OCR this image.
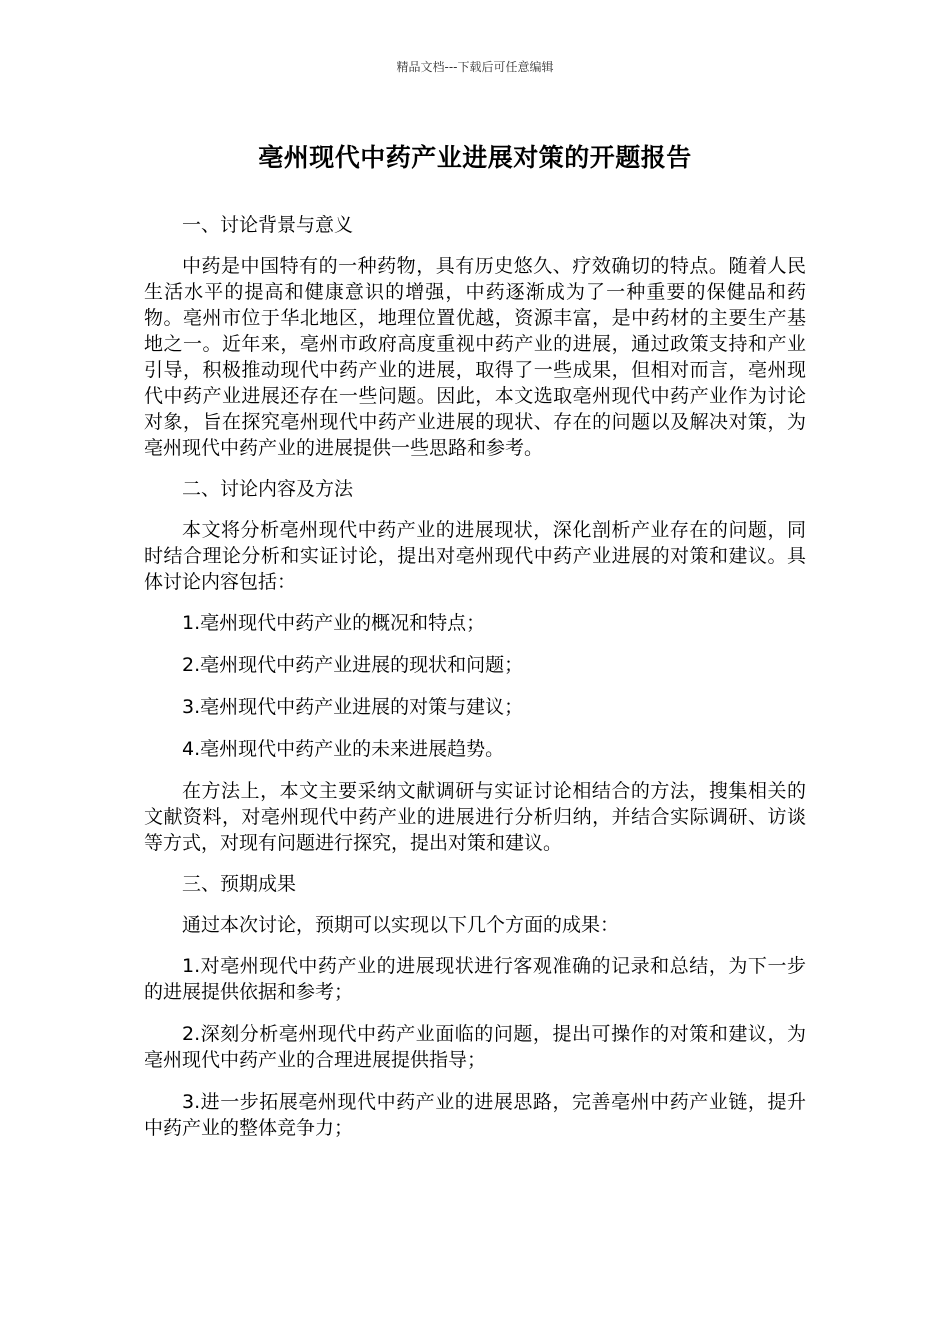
精品文档---下载后可任意编辑
亳州现代中药产业进展对策的开题报告

一、讨论背景与意义

中药是中国特有的一种药物，具有历史悠久、疗效确切的特点。随着人民生活水平的提高和健康意识的增强，中药逐渐成为了一种重要的保健品和药物。亳州市位于华北地区，地理位置优越，资源丰富，是中药材的主要生产基地之一。近年来，亳州市政府高度重视中药产业的进展，通过政策支持和产业引导，积极推动现代中药产业的进展，取得了一些成果，但相对而言，亳州现代中药产业进展还存在一些问题。因此，本文选取亳州现代中药产业作为讨论对象，旨在探究亳州现代中药产业进展的现状、存在的问题以及解决对策，为亳州现代中药产业的进展提供一些思路和参考。

二、讨论内容及方法

本文将分析亳州现代中药产业的进展现状，深化剖析产业存在的问题，同时结合理论分析和实证讨论，提出对亳州现代中药产业进展的对策和建议。具体讨论内容包括：

1.亳州现代中药产业的概况和特点；

2.亳州现代中药产业进展的现状和问题；

3.亳州现代中药产业进展的对策与建议；

4.亳州现代中药产业的未来进展趋势。

在方法上，本文主要采纳文献调研与实证讨论相结合的方法，搜集相关的文献资料，对亳州现代中药产业的进展进行分析归纳，并结合实际调研、访谈等方式，对现有问题进行探究，提出对策和建议。

三、预期成果

通过本次讨论，预期可以实现以下几个方面的成果：

1.对亳州现代中药产业的进展现状进行客观准确的记录和总结，为下一步的进展提供依据和参考；

2.深刻分析亳州现代中药产业面临的问题，提出可操作的对策和建议，为亳州现代中药产业的合理进展提供指导；

3.进一步拓展亳州现代中药产业的进展思路，完善亳州中药产业链，提升中药产业的整体竞争力；
